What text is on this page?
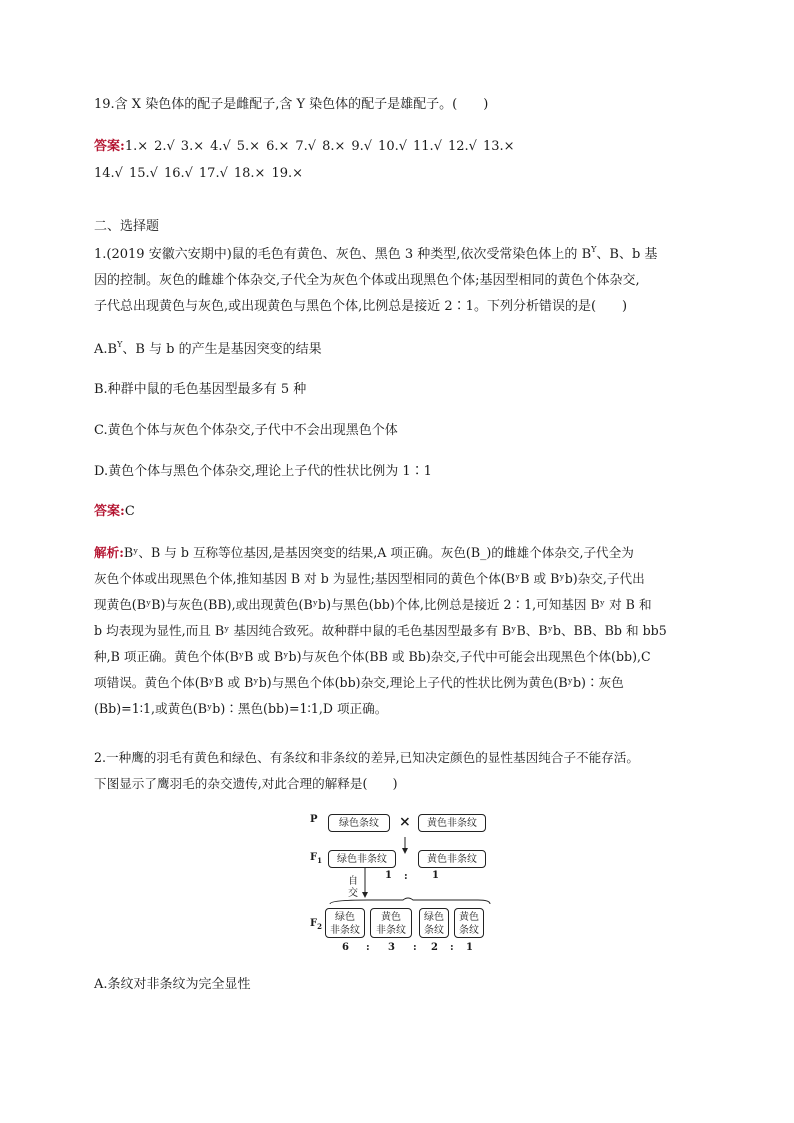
19.含 X 染色体的配子是雌配子,含 Y 染色体的配子是雄配子。(　　)

答案:1.× 2.√ 3.× 4.√ 5.× 6.× 7.√ 8.× 9.√ 10.√ 11.√ 12.√ 13.×
14.√ 15.√ 16.√ 17.√ 18.× 19.×

二、选择题

1.(2019 安徽六安期中)鼠的毛色有黄色、灰色、黑色 3 种类型,依次受常染色体上的 $B^Y$、B、b 基
因的控制。灰色的雌雄个体杂交,子代全为灰色个体或出现黑色个体;基因型相同的黄色个体杂交,
子代总出现黄色与灰色,或出现黄色与黑色个体,比例总是接近 2∶1。下列分析错误的是(　　)

$A.B^Y$、B 与 b 的产生是基因突变的结果

B.种群中鼠的毛色基因型最多有 5 种

C.黄色个体与灰色个体杂交,子代中不会出现黑色个体

D.黄色个体与黑色个体杂交,理论上子代的性状比例为 1∶1

答案:C

解析:Bʸ、B 与 b 互称等位基因,是基因突变的结果,A 项正确。灰色(B_)的雌雄个体杂交,子代全为
灰色个体或出现黑色个体,推知基因 B 对 b 为显性;基因型相同的黄色个体(BʸB 或 Bʸb)杂交,子代出
现黄色(BʸB)与灰色(BB),或出现黄色(Bʸb)与黑色(bb)个体,比例总是接近 2∶1,可知基因 Bʸ 对 B 和
b 均表现为显性,而且 Bʸ 基因纯合致死。故种群中鼠的毛色基因型最多有 BʸB、Bʸb、BB、Bb 和 bb5
种,B 项正确。黄色个体(BʸB 或 Bʸb)与灰色个体(BB 或 Bb)杂交,子代中可能会出现黑色个体(bb),C
项错误。黄色个体(BʸB 或 Bʸb)与黑色个体(bb)杂交,理论上子代的性状比例为黄色(Bʸb)∶灰色
(Bb)=1∶1,或黄色(Bʸb)∶黑色(bb)=1∶1,D 项正确。
2.一种鹰的羽毛有黄色和绿色、有条纹和非条纹的差异,已知决定颜色的显性基因纯合子不能存活。
下图显示了鹰羽毛的杂交遗传,对此合理的解释是(　　)
P	绿色条纹	×	黄色非条纹
$F_1$	绿色非条纹	黄色非条纹
1 : 1
自
交
$F_2$
绿色
非条纹
黄色
非条纹
绿色
条纹
黄色
条纹
6 : 3 : 2 : 1

A.条纹对非条纹为完全显性
